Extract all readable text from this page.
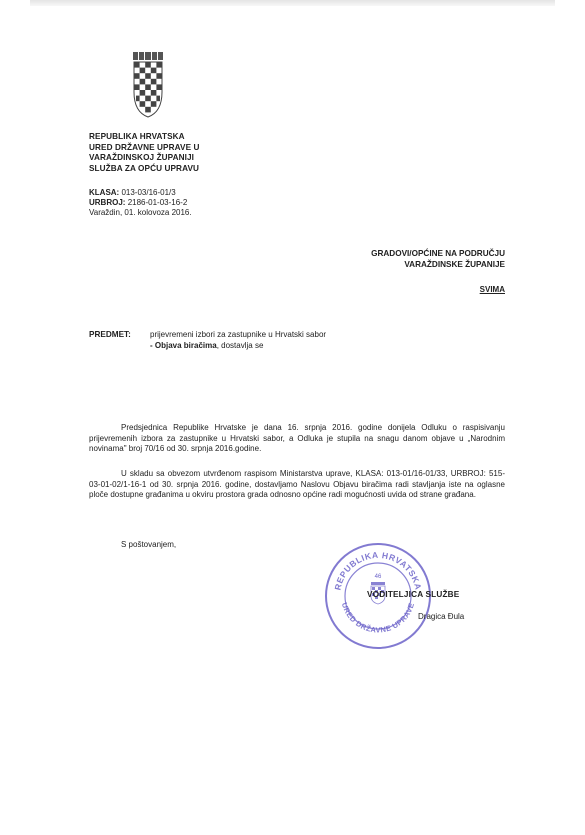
REPUBLIKA HRVATSKA
URED DRŽAVNE UPRAVE U
VARAŽDINSKOJ ŽUPANIJI
SLUŽBA ZA OPĆU UPRAVU
KLASA: 013-03/16-01/3
URBROJ: 2186-01-03-16-2
Varaždin, 01. kolovoza 2016.
GRADOVI/OPĆINE NA PODRUČJU
VARAŽDINSKE ŽUPANIJE
SVIMA
PREDMET: prijevremeni izbori za zastupnike u Hrvatski sabor
- Objava biračima, dostavlja se
Predsjednica Republike Hrvatske je dana 16. srpnja 2016. godine donijela Odluku o raspisivanju prijevremenih izbora za zastupnike u Hrvatski sabor, a Odluka je stupila na snagu danom objave u „Narodnim novinama" broj 70/16 od 30. srpnja 2016.godine.
U skladu sa obvezom utvrđenom raspisom Ministarstva uprave, KLASA: 013-01/16-01/33, URBROJ: 515-03-01-02/1-16-1 od 30. srpnja 2016. godine, dostavljamo Naslovu Objavu biračima radi stavljanja iste na oglasne ploče dostupne građanima u okviru prostora grada odnosno općine radi mogućnosti uvida od strane građana.
S poštovanjem,
REPUBLIKA HRVATSKA
URED DRŽAVNE UPRAVE
46
VODITELJICA SLUŽBE
Dragica Đula
